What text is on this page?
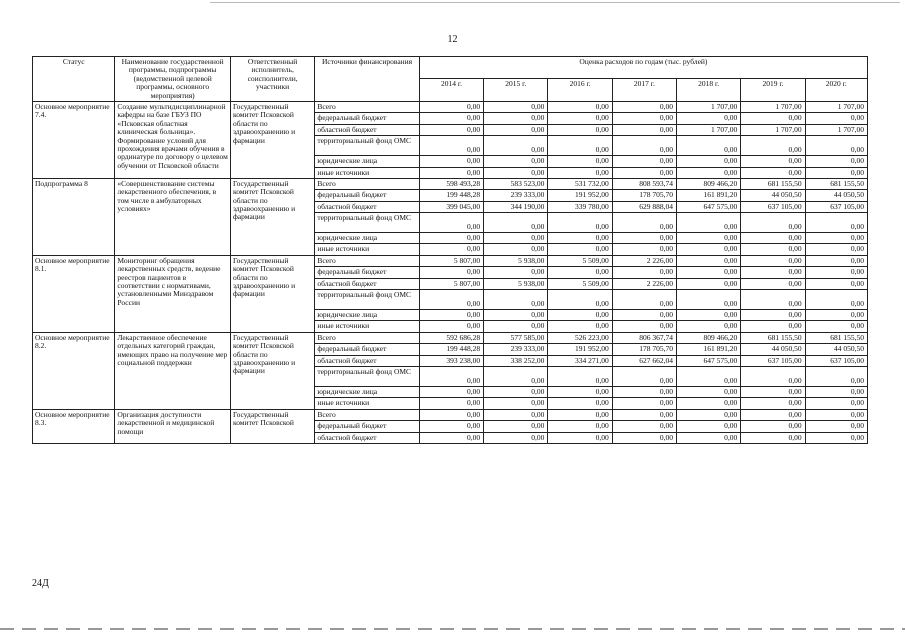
12
Статус	Наименование государственной программы, подпрограммы (ведомственной целевой программы, основного мероприятия)	Ответственный исполнитель, соисполнители, участники	Источники финансирования	Оценка расходов по годам (тыс. рублей)						
				2014 г.	2015 г.	2016 г.	2017 г.	2018 г.	2019 г.	2020 г.
Основное мероприятие 7.4.	Создание мультидисциплинарной кафедры на базе ГБУЗ ПО «Псковская областная клиническая больница». Формирование условий для прохождения врачами обучения в ординатуре по договору о целевом обучении от Псковской области	Государственный комитет Псковской области по здравоохранению и фармации	Всего	0,00	0,00	0,00	0,00	1 707,00	1 707,00	1 707,00
			федеральный бюджет	0,00	0,00	0,00	0,00	0,00	0,00	0,00
			областной бюджет	0,00	0,00	0,00	0,00	1 707,00	1 707,00	1 707,00
			территориальный фонд ОМС	0,00	0,00	0,00	0,00	0,00	0,00	0,00
			юридические лица	0,00	0,00	0,00	0,00	0,00	0,00	0,00
			иные источники	0,00	0,00	0,00	0,00	0,00	0,00	0,00
Подпрограмма 8	«Совершенствование системы лекарственного обеспечения, в том числе в амбулаторных условиях»	Государственный комитет Псковской области по здравоохранению и фармации	Всего	598 493,28	583 523,00	531 732,00	808 593,74	809 466,20	681 155,50	681 155,50
			федеральный бюджет	199 448,28	239 333,00	191 952,00	178 705,70	161 891,20	44 050,50	44 050,50
			областной бюджет	399 045,00	344 190,00	339 780,00	629 888,04	647 575,00	637 105,00	637 105,00
			территориальный фонд ОМС	0,00	0,00	0,00	0,00	0,00	0,00	0,00
			юридические лица	0,00	0,00	0,00	0,00	0,00	0,00	0,00
			иные источники	0,00	0,00	0,00	0,00	0,00	0,00	0,00
Основное мероприятие 8.1.	Мониторинг обращения лекарственных средств, ведение реестров пациентов в соответствии с нормативами, установленными Минздравом России	Государственный комитет Псковской области по здравоохранению и фармации	Всего	5 807,00	5 938,00	5 509,00	2 226,00	0,00	0,00	0,00
			федеральный бюджет	0,00	0,00	0,00	0,00	0,00	0,00	0,00
			областной бюджет	5 807,00	5 938,00	5 509,00	2 226,00	0,00	0,00	0,00
			территориальный фонд ОМС	0,00	0,00	0,00	0,00	0,00	0,00	0,00
			юридические лица	0,00	0,00	0,00	0,00	0,00	0,00	0,00
			иные источники	0,00	0,00	0,00	0,00	0,00	0,00	0,00
Основное мероприятие 8.2.	Лекарственное обеспечение отдельных категорий граждан, имеющих право на получение мер социальной поддержки	Государственный комитет Псковской области по здравоохранению и фармации	Всего	592 686,28	577 585,00	526 223,00	806 367,74	809 466,20	681 155,50	681 155,50
			федеральный бюджет	199 448,28	239 333,00	191 952,00	178 705,70	161 891,20	44 050,50	44 050,50
			областной бюджет	393 238,00	338 252,00	334 271,00	627 662,04	647 575,00	637 105,00	637 105,00
			территориальный фонд ОМС	0,00	0,00	0,00	0,00	0,00	0,00	0,00
			юридические лица	0,00	0,00	0,00	0,00	0,00	0,00	0,00
			иные источники	0,00	0,00	0,00	0,00	0,00	0,00	0,00
Основное мероприятие 8.3.	Организация доступности лекарственной и медицинской помощи	Государственный комитет Псковской	Всего	0,00	0,00	0,00	0,00	0,00	0,00	0,00
			федеральный бюджет	0,00	0,00	0,00	0,00	0,00	0,00	0,00
			областной бюджет	0,00	0,00	0,00	0,00	0,00	0,00	0,00
24Д
